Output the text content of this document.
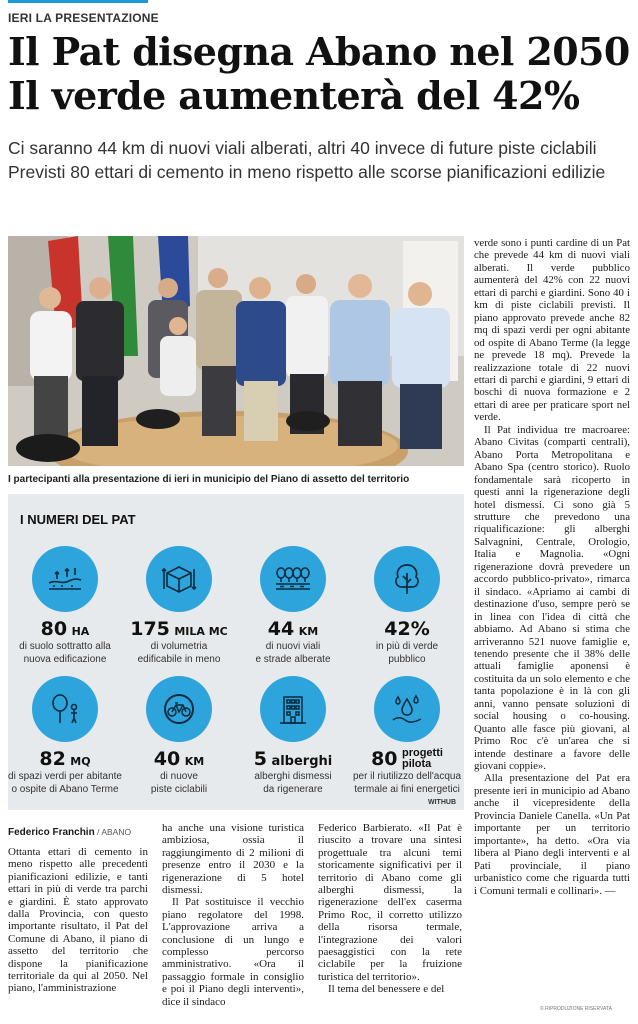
IERI LA PRESENTAZIONE
Il Pat disegna Abano nel 2050
Il verde aumenterà del 42%
Ci saranno 44 km di nuovi viali alberati, altri 40 invece di future piste ciclabili
Previsti 80 ettari di cemento in meno rispetto alle scorse pianificazioni edilizie
I partecipanti alla presentazione di ieri in municipio del Piano di assetto del territorio
I NUMERI DEL PAT
80 HA
di suolo sottratto alla
nuova edificazione
175 MILA MC
di volumetria
edificabile in meno
44 KM
di nuovi viali
e strade alberate
42%
in più di verde
pubblico
82 MQ
di spazi verdi per abitante
o ospite di Abano Terme
40 KM
di nuove
piste ciclabili
5 alberghi
alberghi dismessi
da rigenerare
80 progetti
pilota
per il riutilizzo dell'acqua
termale ai fini energetici
WITHUB
Federico Franchin / ABANO

Ottanta ettari di cemento in meno rispetto alle precedenti pianificazioni edilizie, e tanti ettari in più di verde tra parchi e giardini. È stato approvato dalla Provincia, con questo importante risultato, il Pat del Comune di Abano, il piano di assetto del territorio che dispone la pianificazione territoriale da qui al 2050. Nel piano, l'amministrazione

ha anche una visione turistica ambiziosa, ossia il raggiungimento di 2 milioni di presenze entro il 2030 e la rigenerazione di 5 hotel dismessi.

Il Pat sostituisce il vecchio piano regolatore del 1998. L'approvazione arriva a conclusione di un lungo e complesso percorso amministrativo. «Ora il passaggio formale in consiglio e poi il Piano degli interventi», dice il sindaco

Federico Barbierato. «Il Pat è riuscito a trovare una sintesi progettuale tra alcuni temi storicamente significativi per il territorio di Abano come gli alberghi dismessi, la rigenerazione dell'ex caserma Primo Roc, il corretto utilizzo della risorsa termale, l'integrazione dei valori paesaggistici con la rete ciclabile per la fruizione turistica del territorio».

Il tema del benessere e del

verde sono i punti cardine di un Pat che prevede 44 km di nuovi viali alberati. Il verde pubblico aumenterà del 42% con 22 nuovi ettari di parchi e giardini. Sono 40 i km di piste ciclabili previsti. Il piano approvato prevede anche 82 mq di spazi verdi per ogni abitante od ospite di Abano Terme (la legge ne prevede 18 mq). Prevede la realizzazione totale di 22 nuovi ettari di parchi e giardini, 9 ettari di boschi di nuova formazione e 2 ettari di aree per praticare sport nel verde.

Il Pat individua tre macroaree: Abano Civitas (comparti centrali), Abano Porta Metropolitana e Abano Spa (centro storico). Ruolo fondamentale sarà ricoperto in questi anni la rigenerazione degli hotel dismessi. Ci sono già 5 strutture che prevedono una riqualificazione: gli alberghi Salvagnini, Centrale, Orologio, Italia e Magnolia. «Ogni rigenerazione dovrà prevedere un accordo pubblico-privato», rimarca il sindaco. «Apriamo ai cambi di destinazione d'uso, sempre però se in linea con l'idea di città che abbiamo. Ad Abano si stima che arriveranno 521 nuove famiglie e, tenendo presente che il 38% delle attuali famiglie aponensi è costituita da un solo elemento e che tanta popolazione è in là con gli anni, vanno pensate soluzioni di social housing o co-housing. Quanto alle fasce più giovani, al Primo Roc c'è un'area che si intende destinare a favore delle giovani coppie».

Alla presentazione del Pat era presente ieri in municipio ad Abano anche il vicepresidente della Provincia Daniele Canella. «Un Pat importante per un territorio importante», ha detto. «Ora via libera al Piano degli interventi e al Pati provinciale, il piano urbanistico come che riguarda tutti i Comuni termali e collinari». —

© RIPRODUZIONE RISERVATA
